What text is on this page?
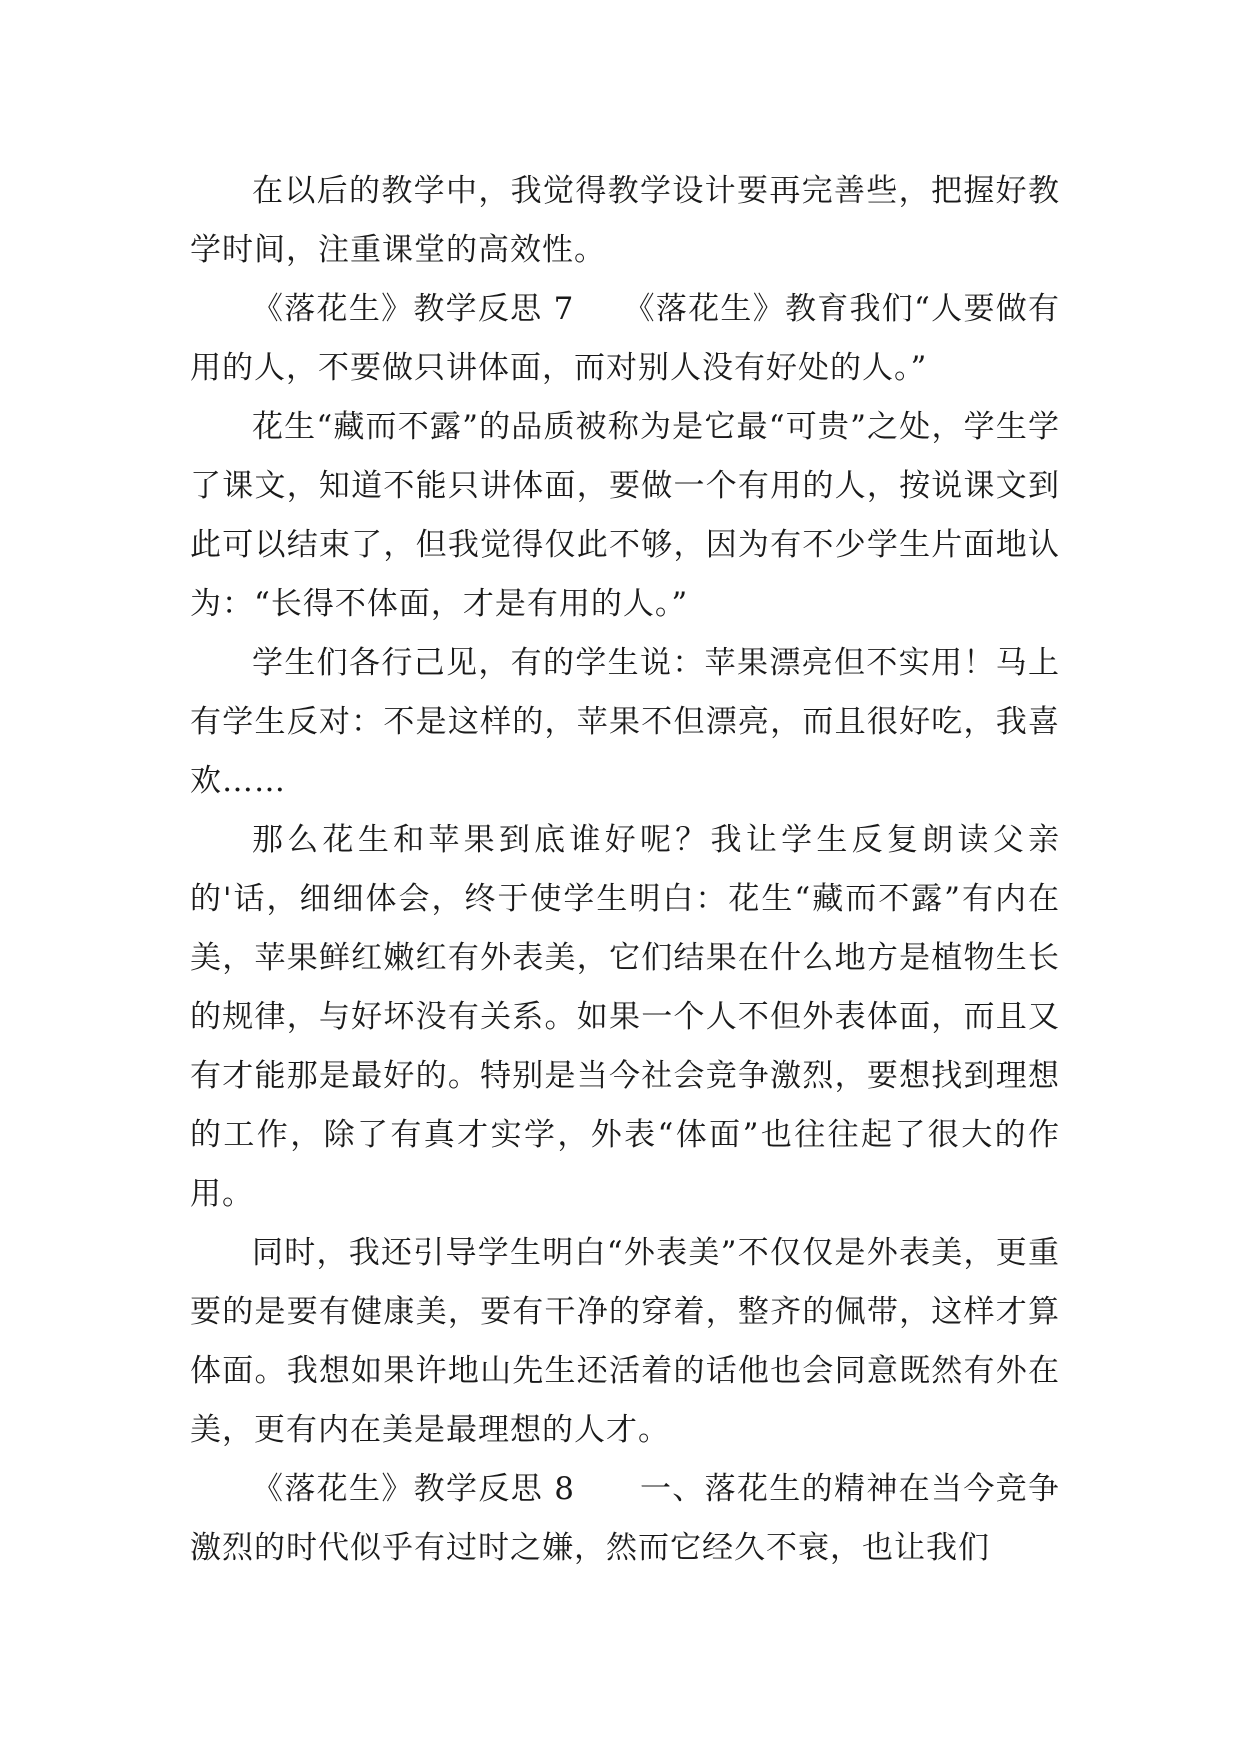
在以后的教学中，我觉得教学设计要再完善些，把握好教学时间，注重课堂的高效性。

《落花生》教学反思 7　　《落花生》教育我们“人要做有用的人，不要做只讲体面，而对别人没有好处的人。”

花生“藏而不露”的品质被称为是它最“可贵”之处，学生学了课文，知道不能只讲体面，要做一个有用的人，按说课文到此可以结束了，但我觉得仅此不够，因为有不少学生片面地认为：“长得不体面，才是有用的人。”

学生们各行己见，有的学生说：苹果漂亮但不实用！马上有学生反对：不是这样的，苹果不但漂亮，而且很好吃，我喜欢……

那么花生和苹果到底谁好呢？我让学生反复朗读父亲的'话，细细体会，终于使学生明白：花生“藏而不露”有内在美，苹果鲜红嫩红有外表美，它们结果在什么地方是植物生长的规律，与好坏没有关系。如果一个人不但外表体面，而且又有才能那是最好的。特别是当今社会竞争激烈，要想找到理想的工作，除了有真才实学，外表“体面”也往往起了很大的作用。

同时，我还引导学生明白“外表美”不仅仅是外表美，更重要的是要有健康美，要有干净的穿着，整齐的佩带，这样才算体面。我想如果许地山先生还活着的话他也会同意既然有外在美，更有内在美是最理想的人才。

《落花生》教学反思 8　　一、落花生的精神在当今竞争激烈的时代似乎有过时之嫌，然而它经久不衰，也让我们
